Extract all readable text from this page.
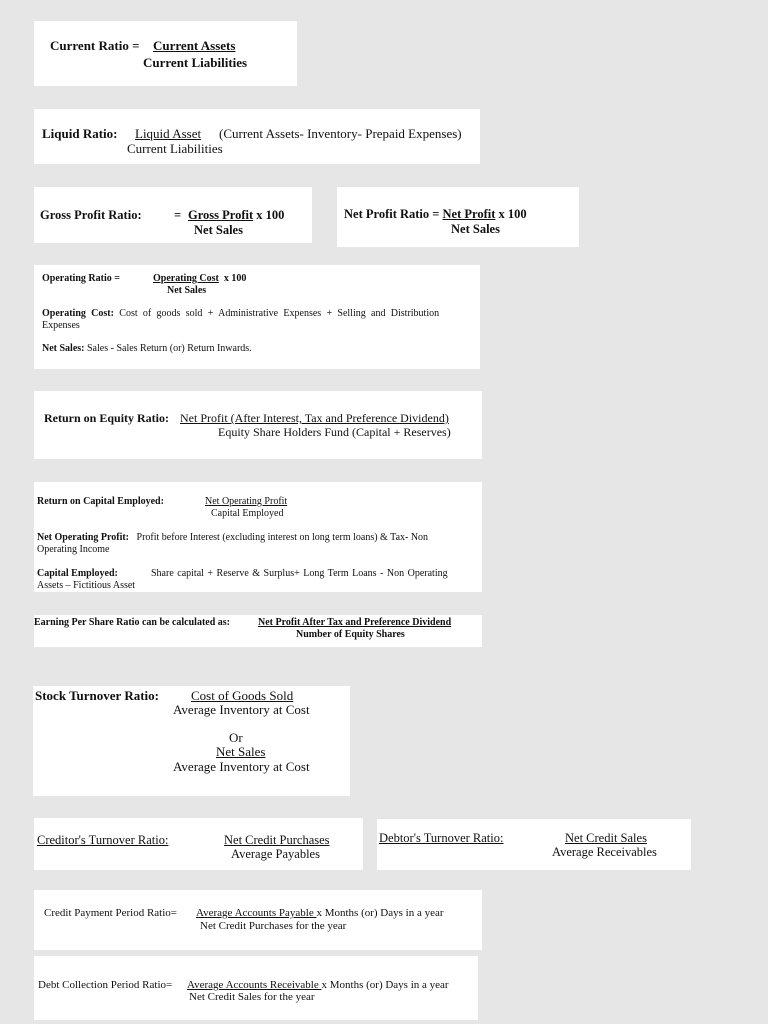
Current Ratio = Current Assets
Current Liabilities
Liquid Ratio: Liquid Asset (Current Assets- Inventory- Prepaid Expenses)
Current Liabilities
Gross Profit Ratio:	= Gross Profit x 100
Net Sales
Net Profit Ratio = Net Profit x 100
Net Sales
Operating Ratio =	Operating Cost x 100
Net Sales
Operating Cost: Cost of goods sold + Administrative Expenses + Selling and Distribution
Expenses
Net Sales: Sales - Sales Return (or) Return Inwards.
Return on Equity Ratio: Net Profit (After Interest, Tax and Preference Dividend)
Equity Share Holders Fund (Capital + Reserves)
Return on Capital Employed:	Net Operating Profit
Capital Employed
Net Operating Profit: Profit before Interest (excluding interest on long term loans) & Tax- Non
Operating Income
Capital Employed:	Share capital + Reserve & Surplus+ Long Term Loans - Non Operating
Assets – Fictitious Asset
Earning Per Share Ratio can be calculated as:	Net Profit After Tax and Preference Dividend
Number of Equity Shares
Stock Turnover Ratio: Cost of Goods Sold
Average Inventory at Cost
Or
Net Sales
Average Inventory at Cost
Creditor's Turnover Ratio:	Net Credit Purchases
Average Payables
Debtor's Turnover Ratio:	Net Credit Sales
Average Receivables
Credit Payment Period Ratio= Average Accounts Payable x Months (or) Days in a year
Net Credit Purchases for the year
Debt Collection Period Ratio= Average Accounts Receivable x Months (or) Days in a year
Net Credit Sales for the year
